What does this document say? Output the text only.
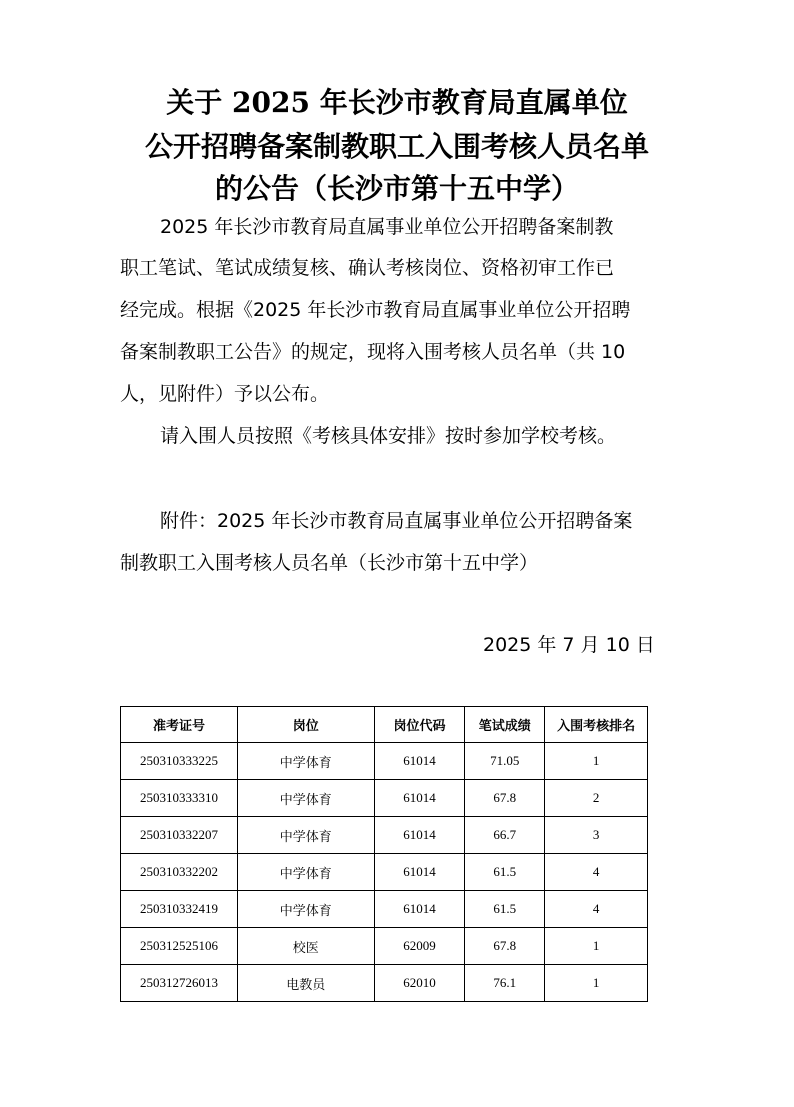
关于 2025 年长沙市教育局直属单位
公开招聘备案制教职工入围考核人员名单
的公告（长沙市第十五中学）
2025 年长沙市教育局直属事业单位公开招聘备案制教
职工笔试、笔试成绩复核、确认考核岗位、资格初审工作已
经完成。根据《2025 年长沙市教育局直属事业单位公开招聘
备案制教职工公告》的规定，现将入围考核人员名单（共 10
人，见附件）予以公布。
请入围人员按照《考核具体安排》按时参加学校考核。
附件：2025 年长沙市教育局直属事业单位公开招聘备案
制教职工入围考核人员名单（长沙市第十五中学）
2025 年 7 月 10 日
准考证号	岗位	岗位代码	笔试成绩	入围考核排名
250310333225	中学体育	61014	71.05	1
250310333310	中学体育	61014	67.8	2
250310332207	中学体育	61014	66.7	3
250310332202	中学体育	61014	61.5	4
250310332419	中学体育	61014	61.5	4
250312525106	校医	62009	67.8	1
250312726013	电教员	62010	76.1	1
